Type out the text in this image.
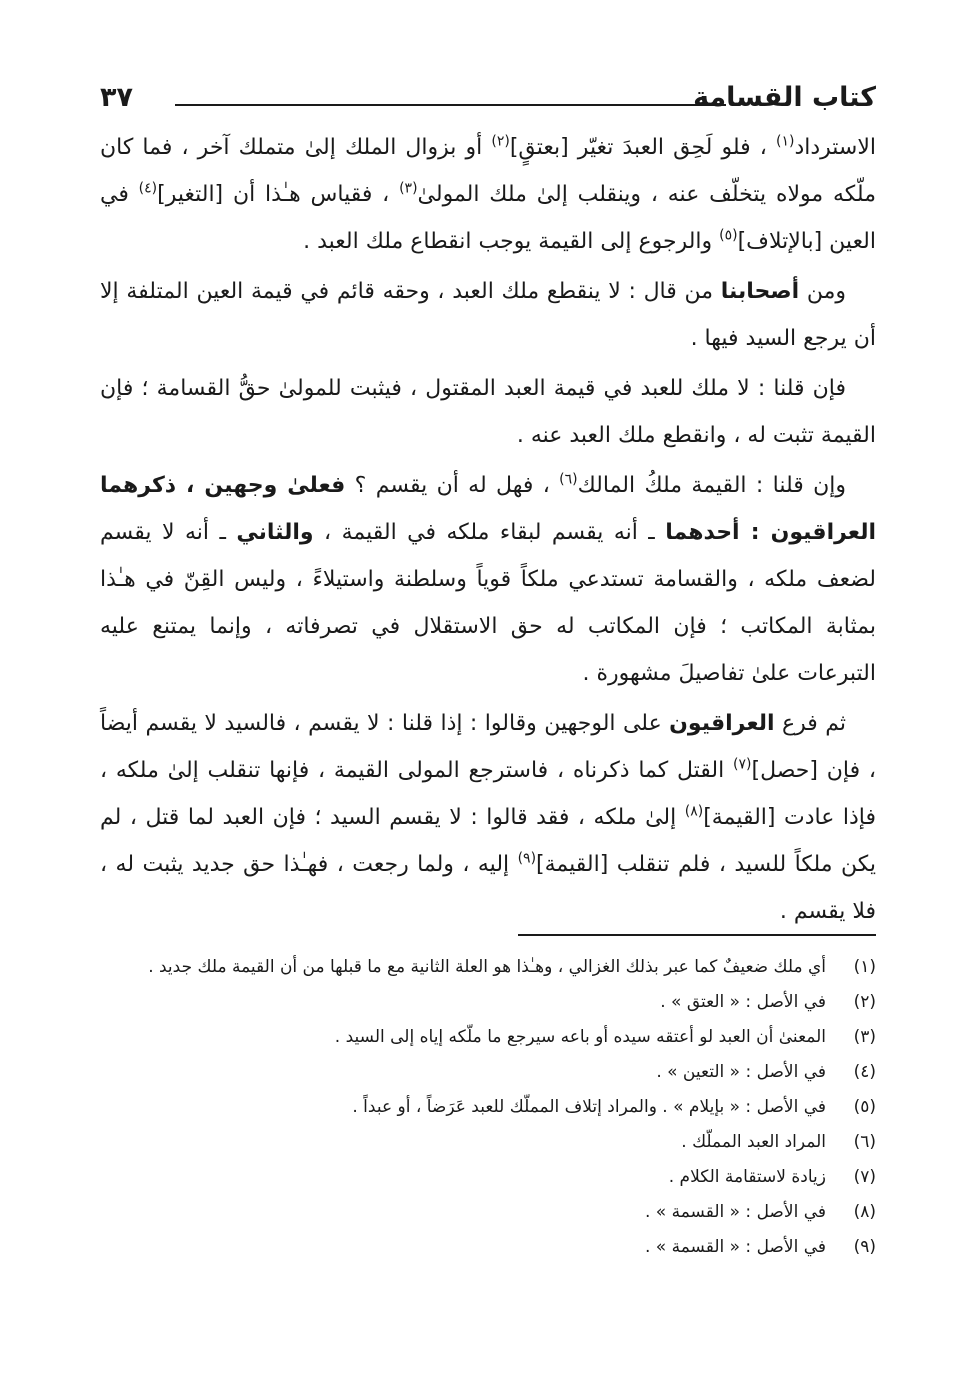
كتاب القسامة
٣٧

الاسترداد$^{(١)}$ ، فلو لَحِق العبدَ تغيّر [بعتقٍ]$^{(٢)}$ أو بزوال الملك إلىٰ متملك آخر ، فما كان ملّكه مولاه يتخلّف عنه ، وينقلب إلىٰ ملك المولىٰ$^{(٣)}$ ، فقياس هـٰذا أن [التغير]$^{(٤)}$ في العين [بالإتلاف]$^{(٥)}$ والرجوع إلى القيمة يوجب انقطاع ملك العبد .

ومن أصحابنا من قال : لا ينقطع ملك العبد ، وحقه قائم في قيمة العين المتلفة إلا أن يرجع السيد فيها .

فإن قلنا : لا ملك للعبد في قيمة العبد المقتول ، فيثبت للمولىٰ حقُّ القسامة ؛ فإن القيمة تثبت له ، وانقطع ملك العبد عنه .

وإن قلنا : القيمة ملكُ المالك$^{(٦)}$ ، فهل له أن يقسم ؟ فعلىٰ وجهين ، ذكرهما العراقيون : أحدهما ـ أنه يقسم لبقاء ملكه في القيمة ، والثاني ـ أنه لا يقسم لضعف ملكه ، والقسامة تستدعي ملكاً قوياً وسلطنة واستيلاءً ، وليس القِنّ في هـٰذا بمثابة المكاتب ؛ فإن المكاتب له حق الاستقلال في تصرفاته ، وإنما يمتنع عليه التبرعات علىٰ تفاصيلَ مشهورة .

ثم فرع العراقيون على الوجهين وقالوا : إذا قلنا : لا يقسم ، فالسيد لا يقسم أيضاً ، فإن [حصل]$^{(٧)}$ القتل كما ذكرناه ، فاسترجع المولى القيمة ، فإنها تنقلب إلىٰ ملكه ، فإذا عادت [القيمة]$^{(٨)}$ إلىٰ ملكه ، فقد قالوا : لا يقسم السيد ؛ فإن العبد لما قتل ، لم يكن ملكاً للسيد ، فلم تنقلب [القيمة]$^{(٩)}$ إليه ، ولما رجعت ، فهـٰذا حق جديد يثبت له ، فلا يقسم .

(١)
أي ملك ضعيفٌ كما عبر بذلك الغزالي ، وهـٰذا هو العلة الثانية مع ما قبلها من أن القيمة ملك جديد .
(٢)
في الأصل : « العتق » .
(٣)
المعنىٰ أن العبد لو أعتقه سيده أو باعه سيرجع ما ملّكه إياه إلى السيد .
(٤)
في الأصل : « التعين » .
(٥)
في الأصل : « بإيلام » . والمراد إتلاف المملّك للعبد عَرَضاً ، أو عبداً .
(٦)
المراد العبد المملّك .
(٧)
زيادة لاستقامة الكلام .
(٨)
في الأصل : « القسمة » .
(٩)
في الأصل : « القسمة » .
